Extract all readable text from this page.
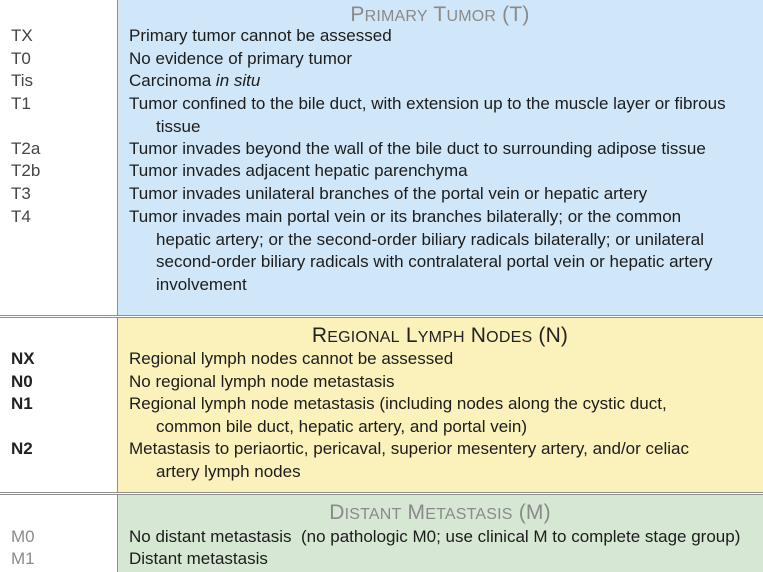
PRIMARY TUMOR (T)
TX	Primary tumor cannot be assessed
T0	No evidence of primary tumor
Tis	Carcinoma in situ
T1	Tumor confined to the bile duct, with extension up to the muscle layer or fibrous
tissue
T2a	Tumor invades beyond the wall of the bile duct to surrounding adipose tissue
T2b	Tumor invades adjacent hepatic parenchyma
T3	Tumor invades unilateral branches of the portal vein or hepatic artery
T4	Tumor invades main portal vein or its branches bilaterally; or the common
hepatic artery; or the second-order biliary radicals bilaterally; or unilateral
second-order biliary radicals with contralateral portal vein or hepatic artery
involvement
REGIONAL LYMPH NODES (N)
NX	Regional lymph nodes cannot be assessed
N0	No regional lymph node metastasis
N1	Regional lymph node metastasis (including nodes along the cystic duct,
common bile duct, hepatic artery, and portal vein)
N2	Metastasis to periaortic, pericaval, superior mesentery artery, and/or celiac
artery lymph nodes
DISTANT METASTASIS (M)
M0	No distant metastasis  (no pathologic M0; use clinical M to complete stage group)
M1	Distant metastasis
